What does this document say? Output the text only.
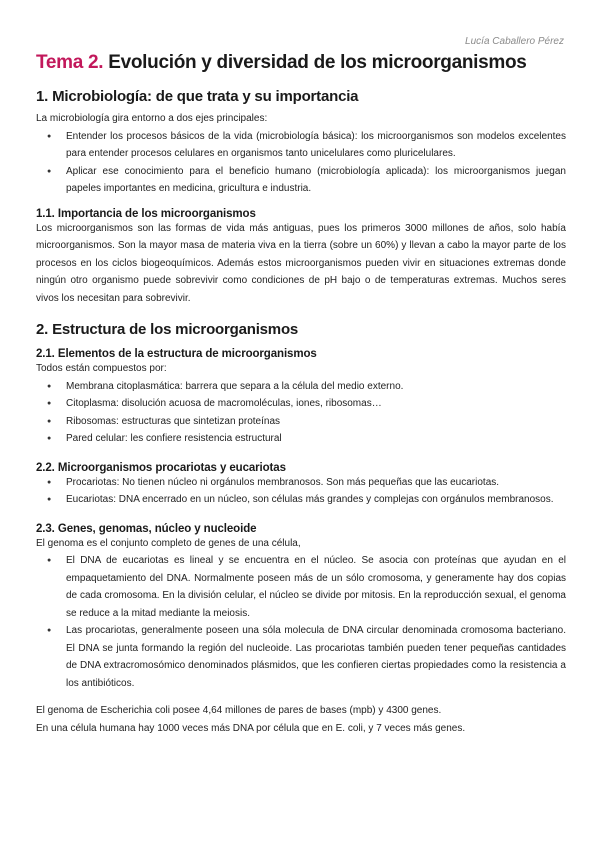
Lucía Caballero Pérez
Tema 2. Evolución y diversidad de los microorganismos
1. Microbiología: de que trata y su importancia

La microbiología gira entorno a dos ejes principales:

● Entender los procesos básicos de la vida (microbiología básica): los microorganismos son modelos excelentes para entender procesos celulares en organismos tanto unicelulares como pluricelulares.
● Aplicar ese conocimiento para el beneficio humano (microbiología aplicada): los microorganismos juegan papeles importantes en medicina, gricultura e industria.
1.1. Importancia de los microorganismos

Los microorganismos son las formas de vida más antiguas, pues los primeros 3000 millones de años, solo había microorganismos. Son la mayor masa de materia viva en la tierra (sobre un 60%) y llevan a cabo la mayor parte de los procesos en los ciclos biogeoquímicos. Además estos microorganismos pueden vivir en situaciones extremas donde ningún otro organismo puede sobrevivir como condiciones de pH bajo o de temperaturas extremas. Muchos seres vivos los necesitan para sobrevivir.

2. Estructura de los microorganismos
2.1. Elementos de la estructura de microorganismos

Todos están compuestos por:

● Membrana citoplasmática: barrera que separa a la célula del medio externo.
● Citoplasma: disolución acuosa de macromoléculas, iones, ribosomas…
● Ribosomas: estructuras que sintetizan proteínas
● Pared celular: les confiere resistencia estructural
2.2. Microorganismos procariotas y eucariotas
● Procariotas: No tienen núcleo ni orgánulos membranosos. Son más pequeñas que las eucariotas.
● Eucariotas: DNA encerrado en un núcleo, son células más grandes y complejas con orgánulos membranosos.
2.3. Genes, genomas, núcleo y nucleoide

El genoma es el conjunto completo de genes de una célula,

● El DNA de eucariotas es lineal y se encuentra en el núcleo. Se asocia con proteínas que ayudan en el empaquetamiento del DNA. Normalmente poseen más de un sólo cromosoma, y generamente hay dos copias de cada cromosoma. En la división celular, el núcleo se divide por mitosis. En la reproducción sexual, el genoma se reduce a la mitad mediante la meiosis.
● Las procariotas, generalmente poseen una sóla molecula de DNA circular denominada cromosoma bacteriano. El DNA se junta formando la región del nucleoide. Las procariotas también pueden tener pequeñas cantidades de DNA extracromosómico denominados plásmidos, que les confieren ciertas propiedades como la resistencia a los antibióticos.

El genoma de Escherichia coli posee 4,64 millones de pares de bases (mpb) y 4300 genes.

En una célula humana hay 1000 veces más DNA por célula que en E. coli, y 7 veces más genes.
